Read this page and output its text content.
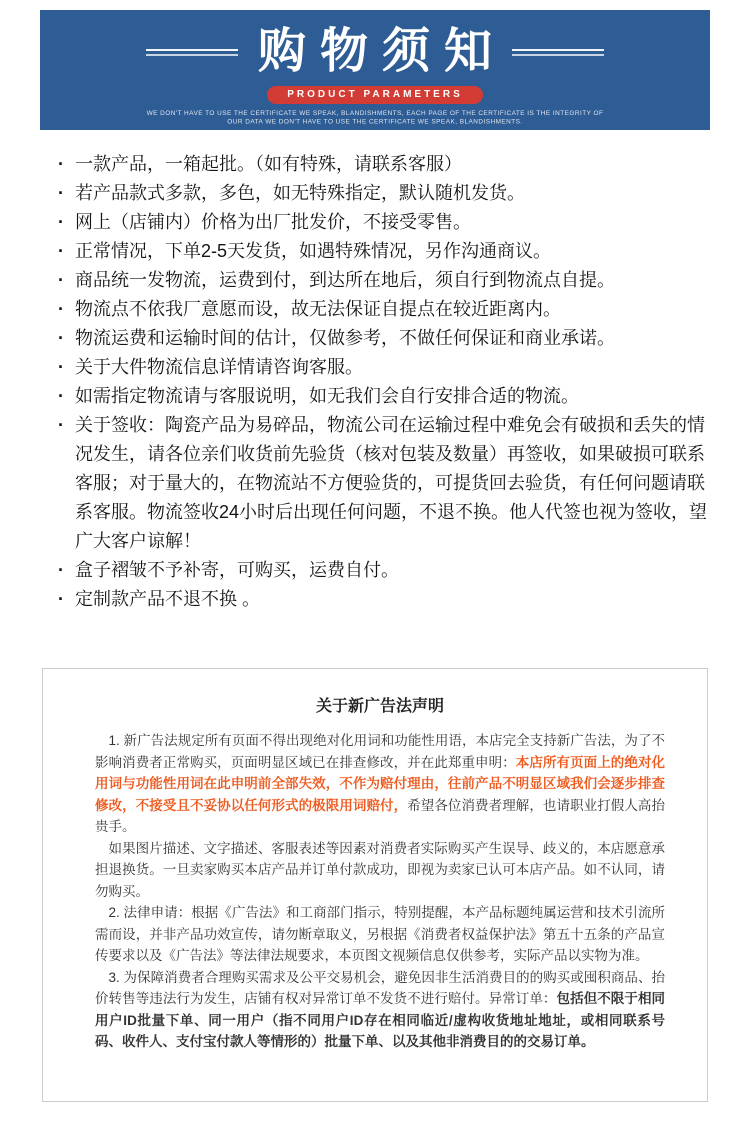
购物须知
PRODUCT PARAMETERS
WE DON'T HAVE TO USE THE CERTIFICATE WE SPEAK, BLANDISHMENTS, EACH PAGE OF THE CERTIFICATE IS THE INTEGRITY OF
OUR DATA WE DON'T HAVE TO USE THE CERTIFICATE WE SPEAK, BLANDISHMENTS.
· 一款产品，一箱起批。（如有特殊，请联系客服）
· 若产品款式多款，多色，如无特殊指定，默认随机发货。
· 网上（店铺内）价格为出厂批发价，不接受零售。
· 正常情况，下单2-5天发货，如遇特殊情况，另作沟通商议。
· 商品统一发物流，运费到付，到达所在地后，须自行到物流点自提。
· 物流点不依我厂意愿而设，故无法保证自提点在较近距离内。
· 物流运费和运输时间的估计，仅做参考，不做任何保证和商业承诺。
· 关于大件物流信息详情请咨询客服。
· 如需指定物流请与客服说明，如无我们会自行安排合适的物流。
· 关于签收：陶瓷产品为易碎品，物流公司在运输过程中难免会有破损和丢失的情况发生，请各位亲们收货前先验货（核对包装及数量）再签收，如果破损可联系客服；对于量大的，在物流站不方便验货的，可提货回去验货，有任何问题请联系客服。物流签收24小时后出现任何问题，不退不换。他人代签也视为签收，望广大客户谅解！
· 盒子褶皱不予补寄，可购买，运费自付。
· 定制款产品不退不换 。
关于新广告法声明

1. 新广告法规定所有页面不得出现绝对化用词和功能性用语，本店完全支持新广告法，为了不影响消费者正常购买，页面明显区域已在排查修改，并在此郑重申明：本店所有页面上的绝对化用词与功能性用词在此申明前全部失效，不作为赔付理由，往前产品不明显区域我们会逐步排查修改，不接受且不妥协以任何形式的极限用词赔付，希望各位消费者理解，也请职业打假人高抬贵手。

如果图片描述、文字描述、客服表述等因素对消费者实际购买产生误导、歧义的，本店愿意承担退换货。一旦卖家购买本店产品并订单付款成功，即视为卖家已认可本店产品。如不认同，请勿购买。

2. 法律申请：根据《广告法》和工商部门指示，特别提醒，本产品标题纯属运营和技术引流所需而设，并非产品功效宣传，请勿断章取义，另根据《消费者权益保护法》第五十五条的产品宣传要求以及《广告法》等法律法规要求，本页图文视频信息仅供参考，实际产品以实物为准。

3. 为保障消费者合理购买需求及公平交易机会，避免因非生活消费目的的购买或囤积商品、抬价转售等违法行为发生，店铺有权对异常订单不发货不进行赔付。异常订单：包括但不限于相同用户ID批量下单、同一用户（指不同用户ID存在相同临近/虚构收货地址地址，或相同联系号码、收件人、支付宝付款人等情形的）批量下单、以及其他非消费目的的交易订单。
